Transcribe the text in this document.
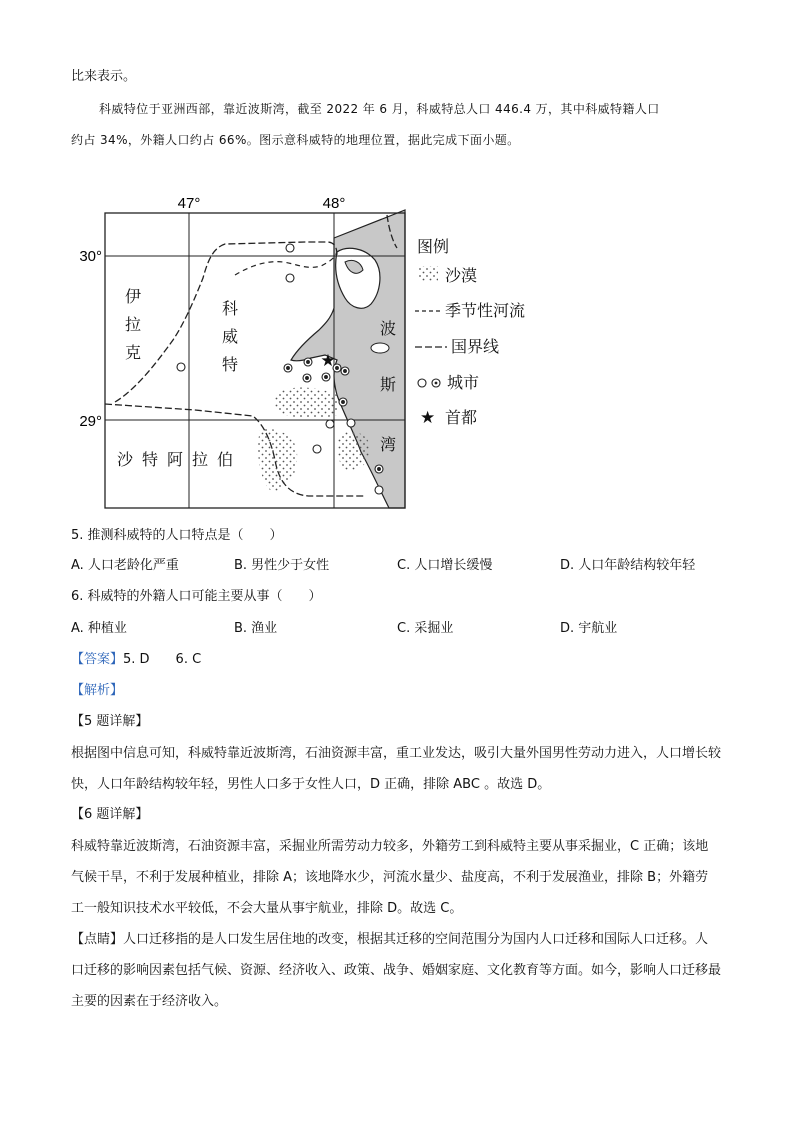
比来表示。
科威特位于亚洲西部，靠近波斯湾，截至 2022 年 6 月，科威特总人口 446.4 万，其中科威特籍人口
约占 34%，外籍人口约占 66%。图示意科威特的地理位置，据此完成下面小题。
★
47°	48°
30°
29°
伊
拉
克
科
威
特
波
斯
湾
沙 特 阿 拉 伯
图例
沙漠
季节性河流
国界线
城市
★ 首都
5. 推测科威特的人口特点是（　　）
A. 人口老龄化严重	B. 男性少于女性	C. 人口增长缓慢	D. 人口年龄结构较年轻
6. 科威特的外籍人口可能主要从事（　　）
A. 种植业	B. 渔业	C. 采掘业	D. 宇航业
【答案】5. D　　6. C
【解析】
【5 题详解】
根据图中信息可知，科威特靠近波斯湾，石油资源丰富，重工业发达，吸引大量外国男性劳动力进入，人口增长较快，人口年龄结构较年轻，男性人口多于女性人口，D 正确，排除 ABC 。故选 D。
【6 题详解】
科威特靠近波斯湾，石油资源丰富，采掘业所需劳动力较多，外籍劳工到科威特主要从事采掘业，C 正确；该地气候干旱，不利于发展种植业，排除 A；该地降水少，河流水量少、盐度高，不利于发展渔业，排除 B；外籍劳工一般知识技术水平较低，不会大量从事宇航业，排除 D。故选 C。
【点睛】人口迁移指的是人口发生居住地的改变，根据其迁移的空间范围分为国内人口迁移和国际人口迁移。人口迁移的影响因素包括气候、资源、经济收入、政策、战争、婚姻家庭、文化教育等方面。如今，影响人口迁移最主要的因素在于经济收入。
